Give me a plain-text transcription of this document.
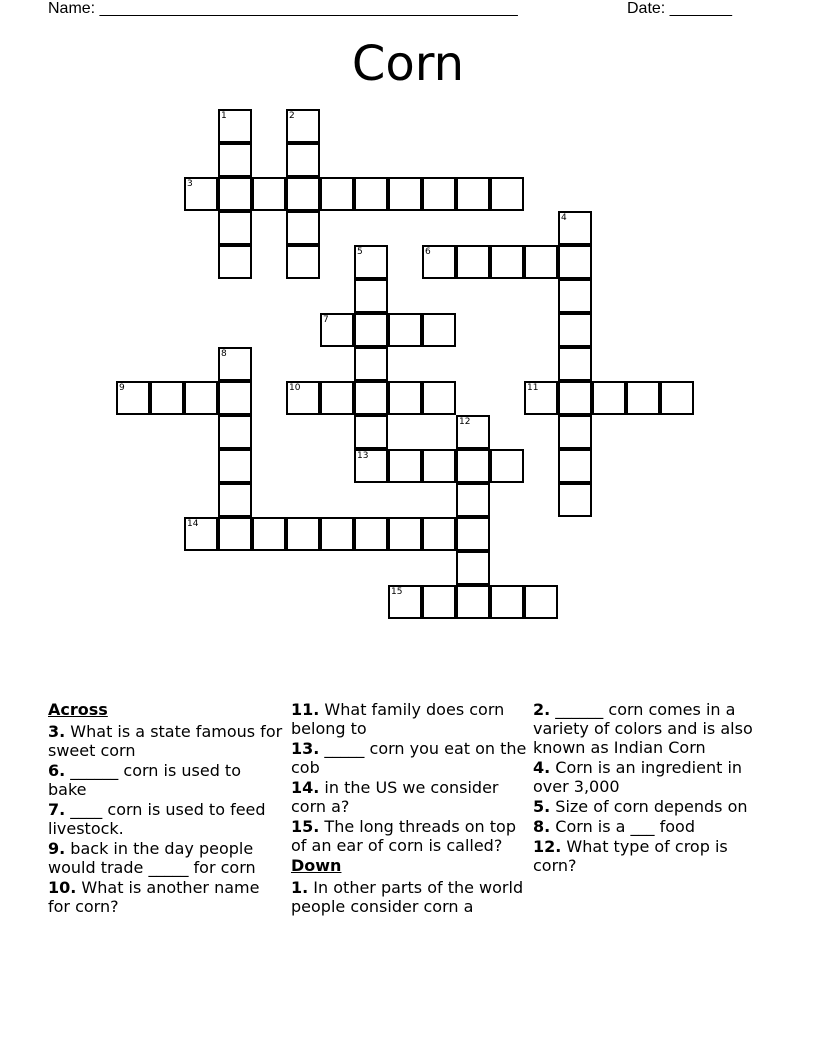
Name: _______________________________________________	Date: _______
Corn
1	2
3
4
5
13
6
7
8
9	10	11
12
14
15
Across
3. What is a state famous for sweet corn
6. ______ corn is used to bake
7. ____ corn is used to feed livestock.
9. back in the day people would trade _____ for corn
10. What is another name for corn?
11. What family does corn belong to
13. _____ corn you eat on the cob
14. in the US we consider corn a?
15. The long threads on top of an ear of corn is called?
Down
1. In other parts of the world people consider corn a
2. ______ corn comes in a variety of colors and is also known as Indian Corn
4. Corn is an ingredient in over 3,000
5. Size of corn depends on
8. Corn is a ___ food
12. What type of crop is corn?
